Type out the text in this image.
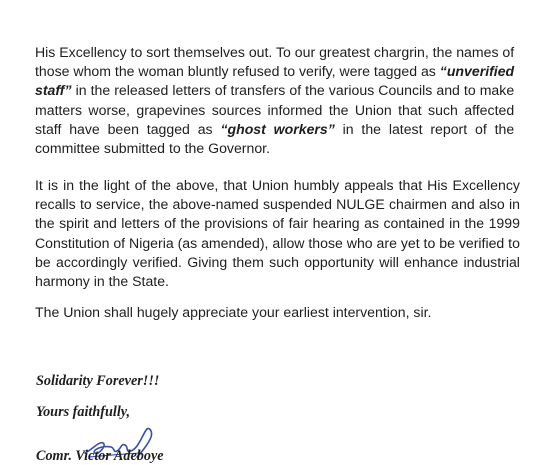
His Excellency to sort themselves out. To our greatest chargrin, the names of
those whom the woman bluntly refused to verify, were tagged as “unverified
staff” in the released letters of transfers of the various Councils and to make
matters worse, grapevines sources informed the Union that such affected
staff have been tagged as “ghost workers” in the latest report of the
committee submitted to the Governor.
It is in the light of the above, that Union humbly appeals that His Excellency
recalls to service, the above-named suspended NULGE chairmen and also in
the spirit and letters of the provisions of fair hearing as contained in the 1999
Constitution of Nigeria (as amended), allow those who are yet to be verified to
be accordingly verified. Giving them such opportunity will enhance industrial
harmony in the State.
The Union shall hugely appreciate your earliest intervention, sir.

Solidarity Forever!!!

Yours faithfully,

Comr. Victor Adeboye
